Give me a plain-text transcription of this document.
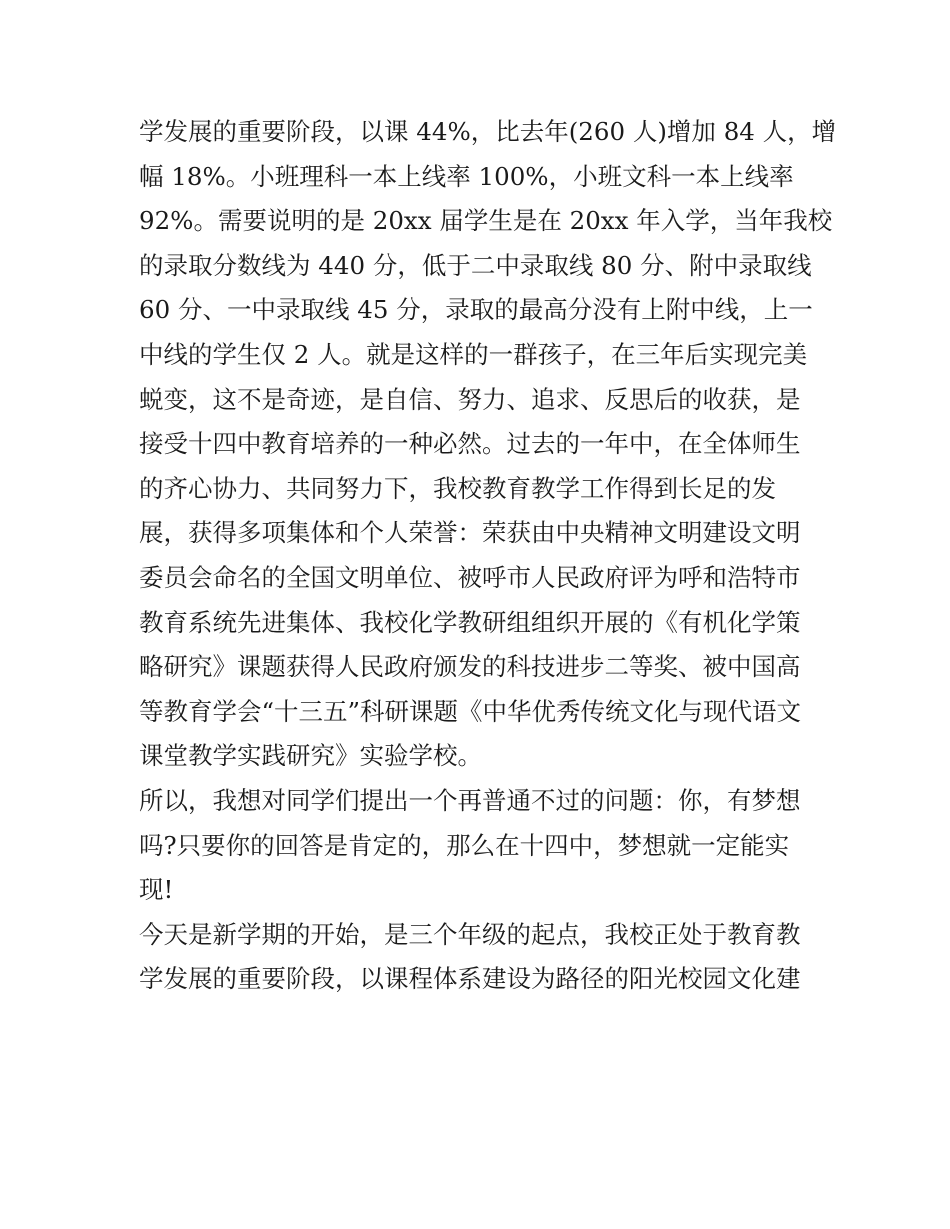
学发展的重要阶段，以课 44%，比去年(260 人)增加 84 人，增
幅 18%。小班理科一本上线率 100%，小班文科一本上线率
92%。需要说明的是 20xx 届学生是在 20xx 年入学，当年我校
的录取分数线为 440 分，低于二中录取线 80 分、附中录取线
60 分、一中录取线 45 分，录取的最高分没有上附中线，上一
中线的学生仅 2 人。就是这样的一群孩子，在三年后实现完美
蜕变，这不是奇迹，是自信、努力、追求、反思后的收获，是
接受十四中教育培养的一种必然。过去的一年中，在全体师生
的齐心协力、共同努力下，我校教育教学工作得到长足的发
展，获得多项集体和个人荣誉：荣获由中央精神文明建设文明
委员会命名的全国文明单位、被呼市人民政府评为呼和浩特市
教育系统先进集体、我校化学教研组组织开展的《有机化学策
略研究》课题获得人民政府颁发的科技进步二等奖、被中国高
等教育学会“十三五”科研课题《中华优秀传统文化与现代语文
课堂教学实践研究》实验学校。
所以，我想对同学们提出一个再普通不过的问题：你，有梦想
吗?只要你的回答是肯定的，那么在十四中，梦想就一定能实
现!
今天是新学期的开始，是三个年级的起点，我校正处于教育教
学发展的重要阶段，以课程体系建设为路径的阳光校园文化建
